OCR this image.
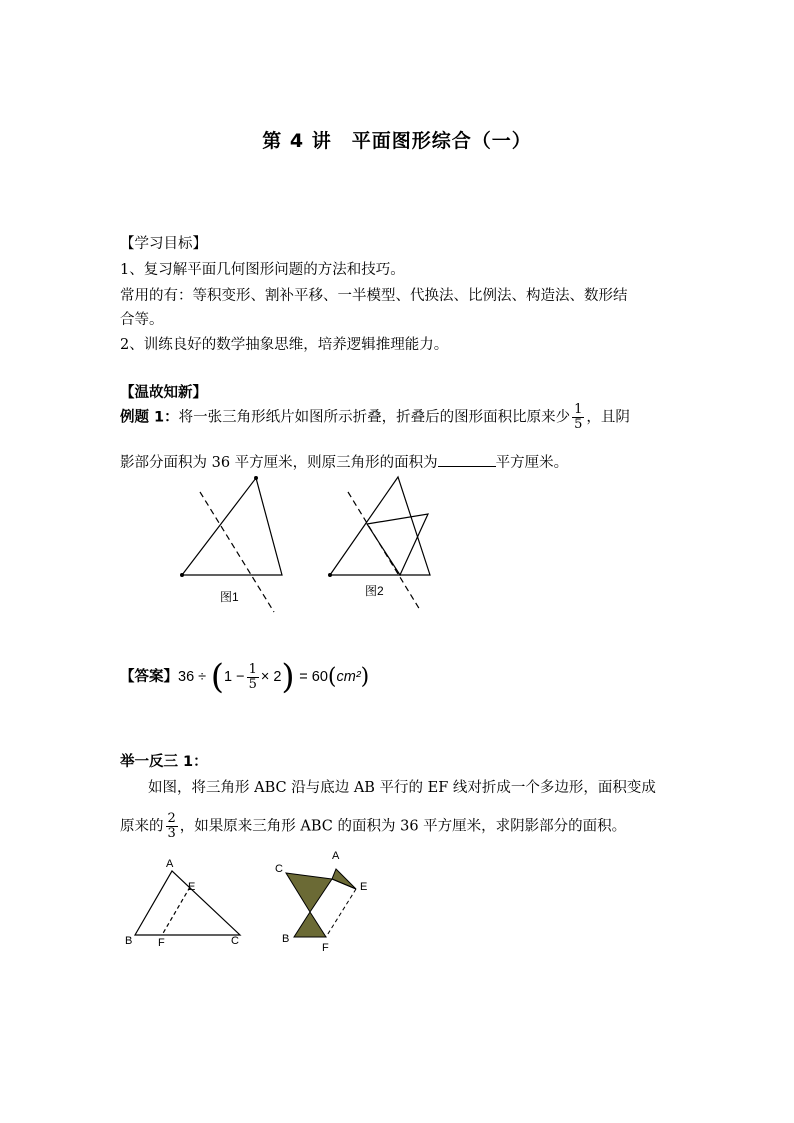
第 4 讲　平面图形综合（一）
【学习目标】
1、复习解平面几何图形问题的方法和技巧。
常用的有：等积变形、割补平移、一半模型、代换法、比例法、构造法、数形结
合等。
2、训练良好的数学抽象思维，培养逻辑推理能力。
【温故知新】
例题 1：将一张三角形纸片如图所示折叠，折叠后的图形面积比原来少 $\frac{1}{5}$ ，且阴
影部分面积为 36 平方厘米，则原三角形的面积为	平方厘米。
图1	图2
【答案】$36 \div (1 - \frac{1}{5} \times 2) = 60(cm^2)$
举一反三 1：
如图，将三角形 ABC 沿与底边 AB 平行的 EF 线对折成一个多边形，面积变成
原来的 $\frac{2}{3}$ ，如果原来三角形 ABC 的面积为 36 平方厘米，求阴影部分的面积。
A
E
B F	C
C
A
E
B
F
